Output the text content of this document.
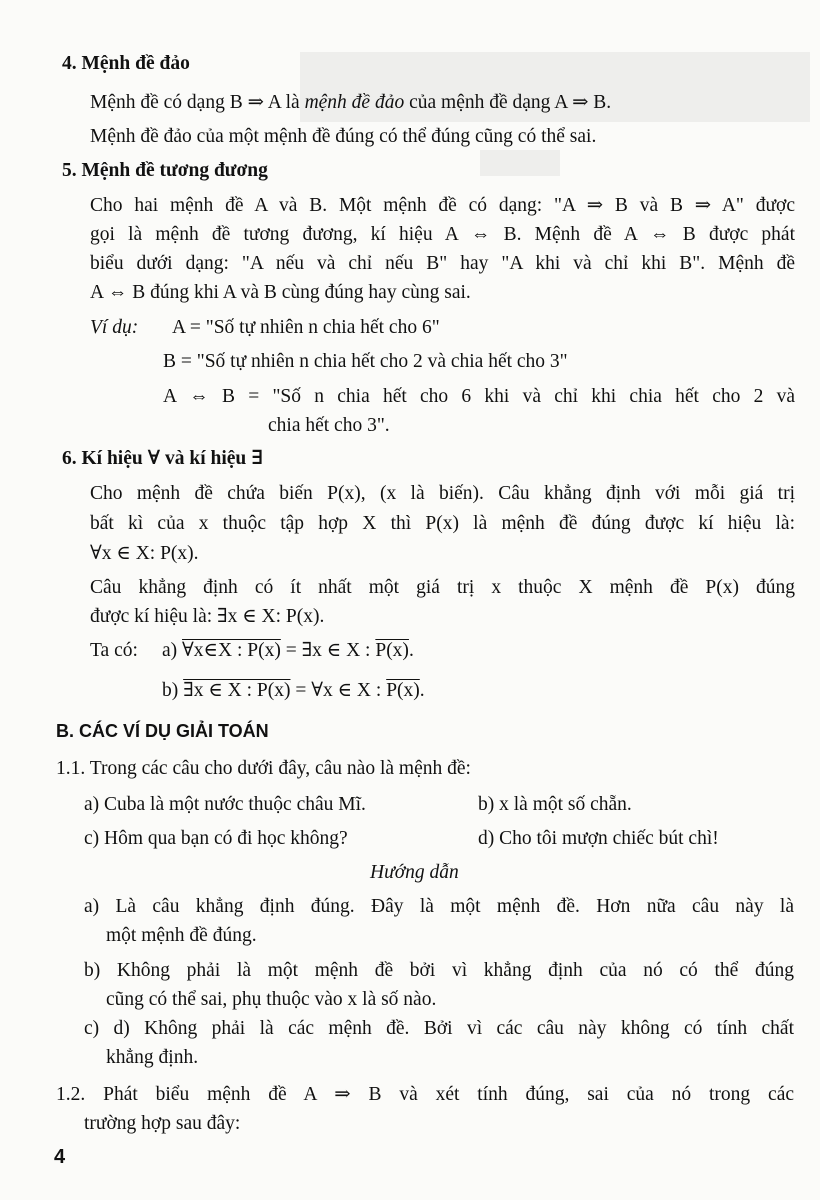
4. Mệnh đề đảo
Mệnh đề có dạng B ⇒ A là mệnh đề đảo của mệnh đề dạng A ⇒ B.
Mệnh đề đảo của một mệnh đề đúng có thể đúng cũng có thể sai.
5. Mệnh đề tương đương
Cho hai mệnh đề A và B. Một mệnh đề có dạng: "A ⇒ B và B ⇒ A" được
gọi là mệnh đề tương đương, kí hiệu A ⇔ B. Mệnh đề A ⇔ B được phát
biểu dưới dạng: "A nếu và chỉ nếu B" hay "A khi và chỉ khi B". Mệnh đề
A ⇔ B đúng khi A và B cùng đúng hay cùng sai.
Ví dụ: A = "Số tự nhiên n chia hết cho 6"
B = "Số tự nhiên n chia hết cho 2 và chia hết cho 3"
A ⇔ B = "Số n chia hết cho 6 khi và chỉ khi chia hết cho 2 và
chia hết cho 3".
6. Kí hiệu ∀ và kí hiệu ∃
Cho mệnh đề chứa biến P(x), (x là biến). Câu khẳng định với mỗi giá trị
bất kì của x thuộc tập hợp X thì P(x) là mệnh đề đúng được kí hiệu là:
∀x ∈ X: P(x).
Câu khẳng định có ít nhất một giá trị x thuộc X mệnh đề P(x) đúng
được kí hiệu là: ∃x ∈ X: P(x).
Ta có: a) ∀x∈X : P(x) = ∃x ∈ X : P(x).
b) ∃x ∈ X : P(x) = ∀x ∈ X : P(x).
B. CÁC VÍ DỤ GIẢI TOÁN
1.1. Trong các câu cho dưới đây, câu nào là mệnh đề:
a) Cuba là một nước thuộc châu Mĩ.	b) x là một số chẵn.
c) Hôm qua bạn có đi học không?	d) Cho tôi mượn chiếc bút chì!
Hướng dẫn
a) Là câu khẳng định đúng. Đây là một mệnh đề. Hơn nữa câu này là
một mệnh đề đúng.
b) Không phải là một mệnh đề bởi vì khẳng định của nó có thể đúng
cũng có thể sai, phụ thuộc vào x là số nào.
c) d) Không phải là các mệnh đề. Bởi vì các câu này không có tính chất
khẳng định.
1.2. Phát biểu mệnh đề A ⇒ B và xét tính đúng, sai của nó trong các
trường hợp sau đây:
4
